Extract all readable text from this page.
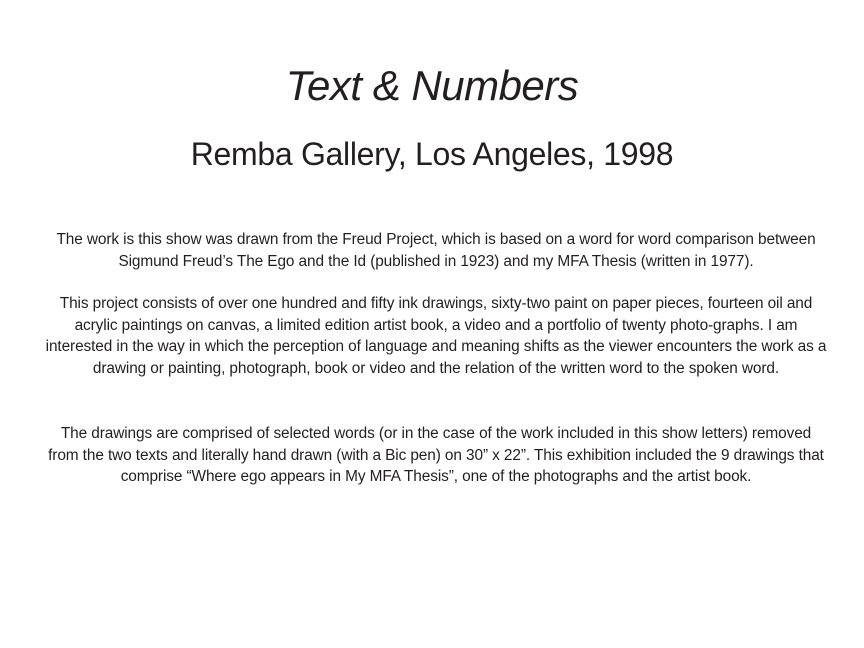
Text & Numbers
Remba Gallery, Los Angeles, 1998

The work is this show was drawn from the Freud Project, which is based on a word for word comparison between Sigmund Freud’s The Ego and the Id (published in 1923) and my MFA Thesis (written in 1977).

This project consists of over one hundred and fifty ink drawings, sixty-two paint on paper pieces, fourteen oil and acrylic paintings on canvas, a limited edition artist book, a video and a portfolio of twenty photo-graphs. I am interested in the way in which the perception of language and meaning shifts as the viewer encounters the work as a drawing or painting, photograph, book or video and the relation of the written word to the spoken word.

The drawings are comprised of selected words (or in the case of the work included in this show letters) removed from the two texts and literally hand drawn (with a Bic pen) on 30” x 22”. This exhibition included the 9 drawings that comprise “Where ego appears in My MFA Thesis”, one of the photographs and the artist book.
